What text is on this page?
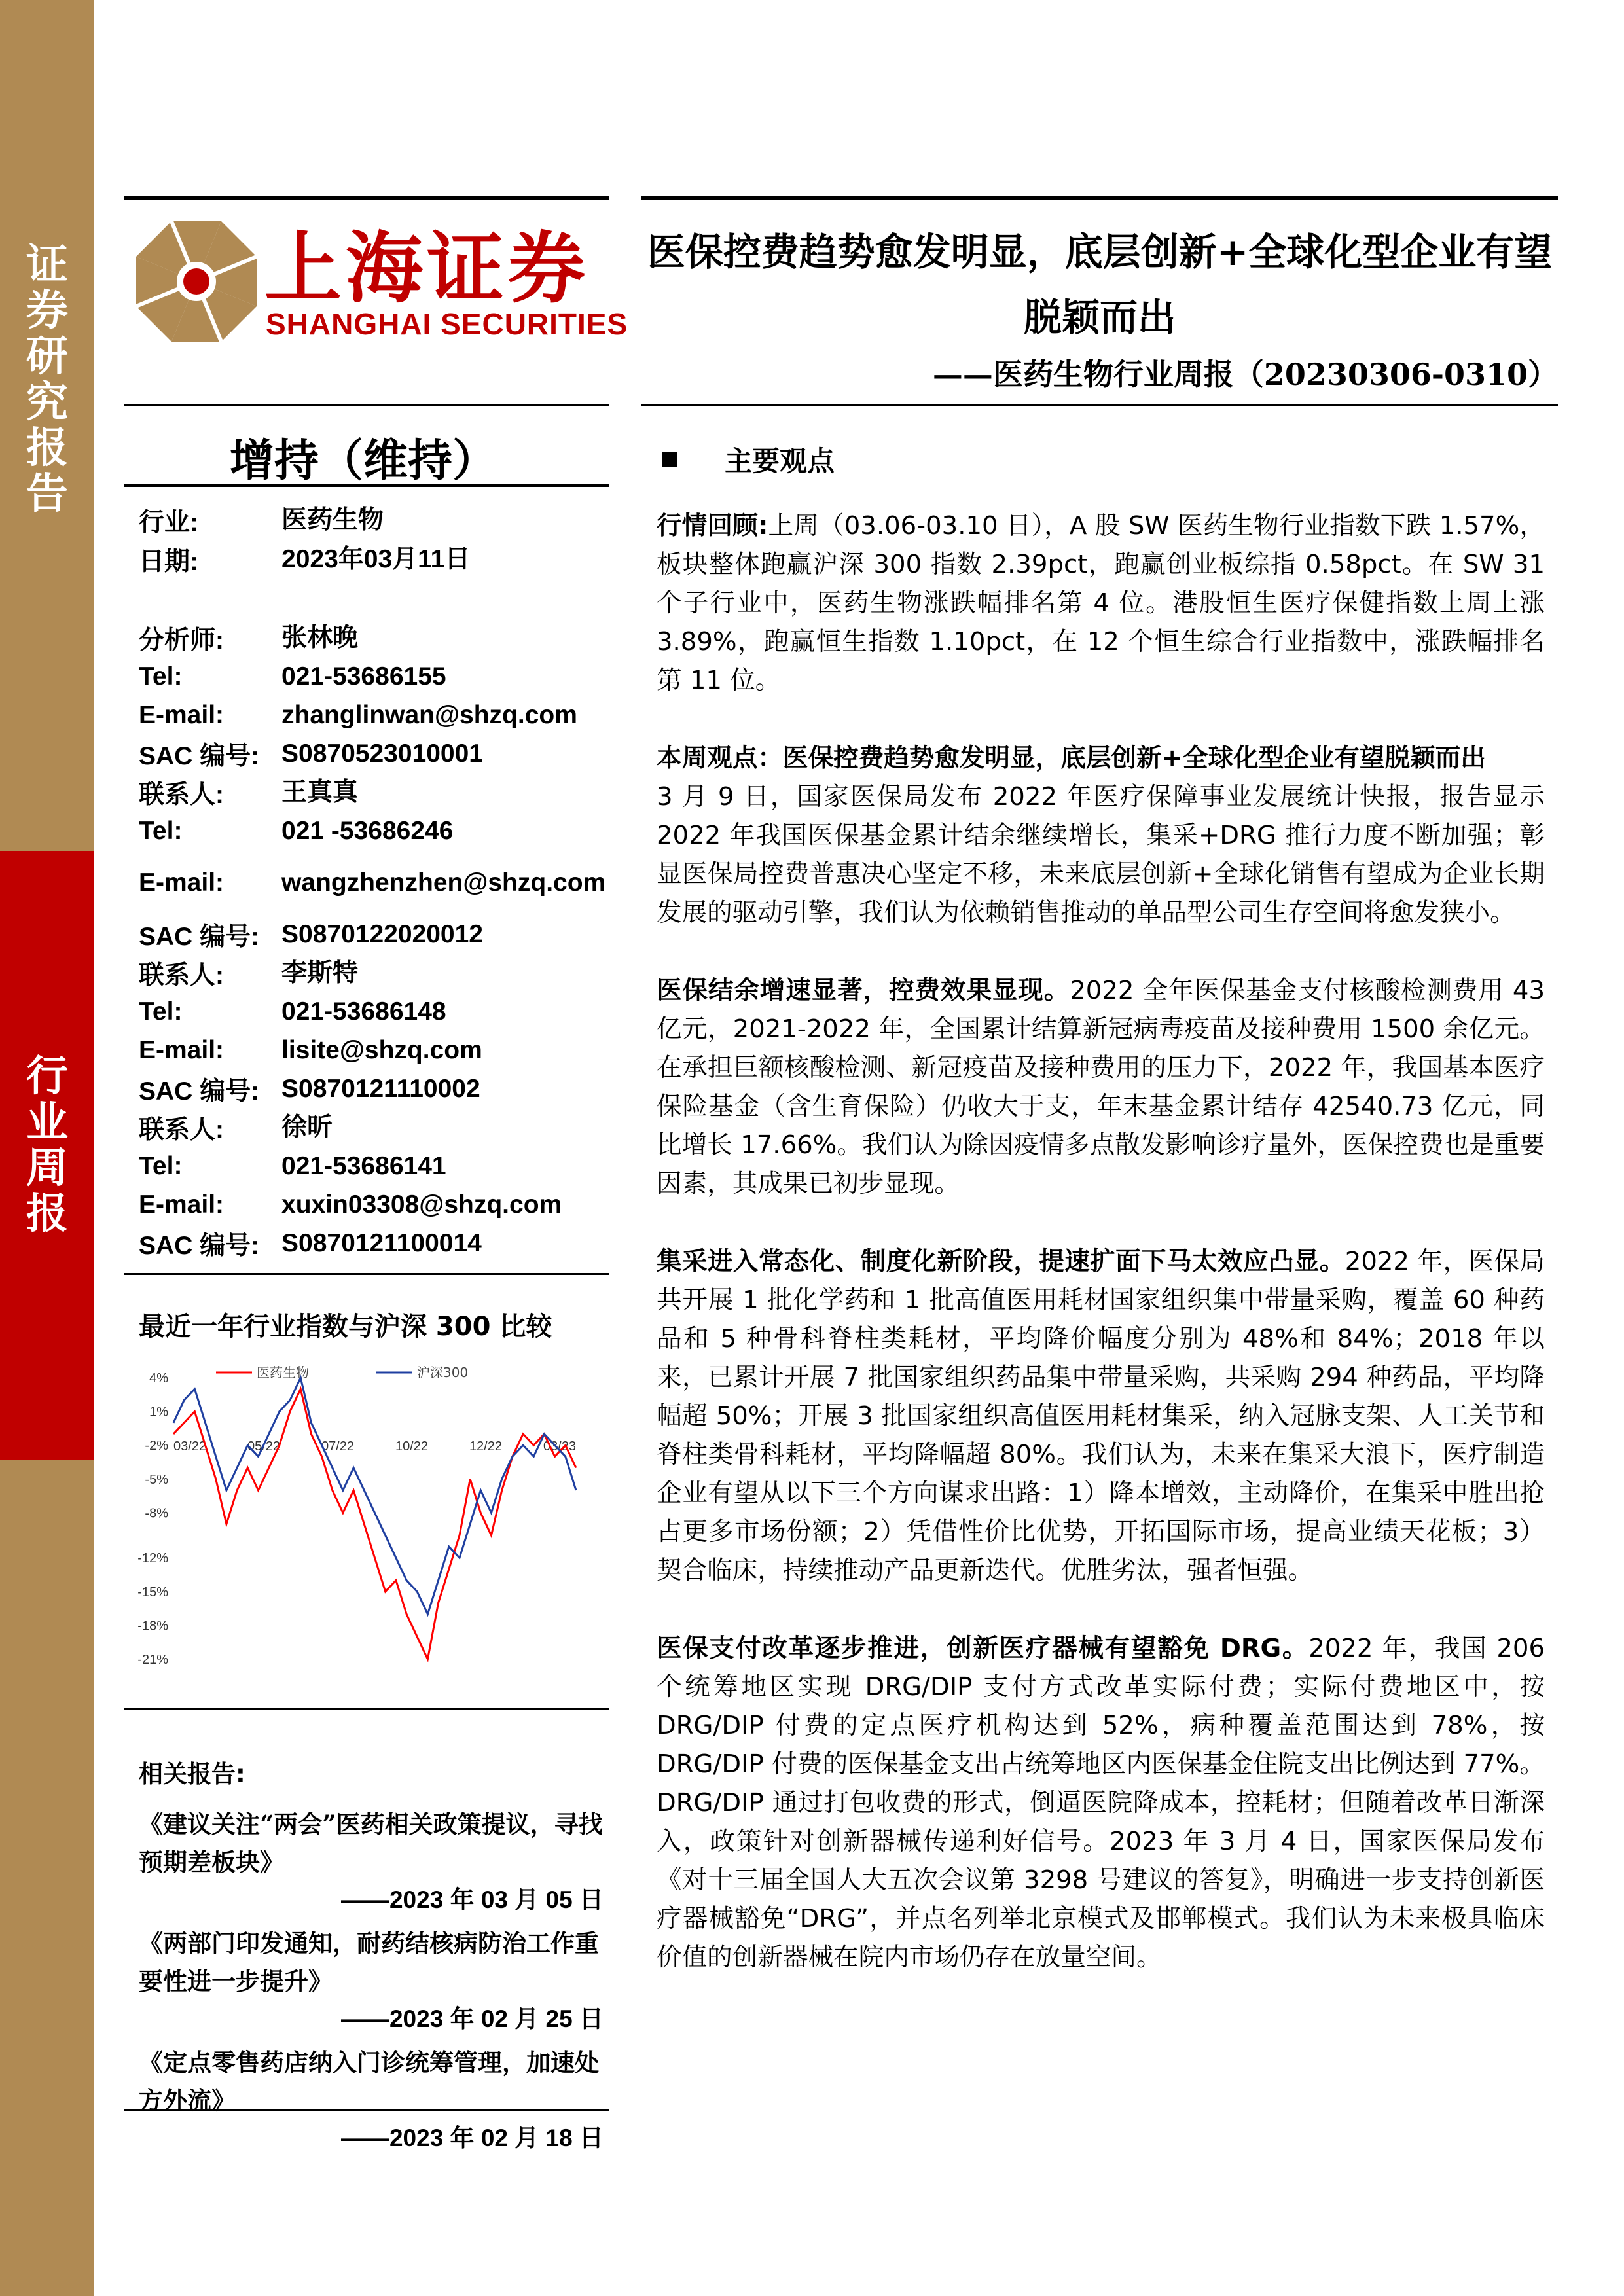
证券研究报告
行业周报
上海证券
SHANGHAI SECURITIES
医保控费趋势愈发明显，底层创新+全球化型企业有望脱颖而出
——医药生物行业周报（20230306-0310）
增持（维持）
行业:	医药生物
日期:	2023年03月11日
分析师:	张林晚
Tel:	021-53686155
E-mail:	zhanglinwan@shzq.com
SAC 编号: S0870523010001
联系人:	王真真
Tel:	021 -53686246
E-mail:	wangzhenzhen@shzq.com
SAC 编号: S0870122020012
联系人:	李斯特
Tel:	021-53686148
E-mail:	lisite@shzq.com
SAC 编号: S0870121110002
联系人:	徐昕
Tel:	021-53686141
E-mail:	xuxin03308@shzq.com
SAC 编号: S0870121100014
最近一年行业指数与沪深 300 比较
4%
1%
-2%
-5%
-8%
-12%
-15%
-18%
-21%
03/22	05/22	07/22	10/22	12/22	03/23
医药生物	沪深300
相关报告:
《建议关注“两会”医药相关政策提议，寻找预期差板块》
——2023 年 03 月 05 日
《两部门印发通知，耐药结核病防治工作重要性进一步提升》
——2023 年 02 月 25 日
《定点零售药店纳入门诊统筹管理，加速处方外流》
——2023 年 02 月 18 日
主要观点

行情回顾:上周（03.06-03.10 日），A 股 SW 医药生物行业指数下跌 1.57%，板块整体跑赢沪深 300 指数 2.39pct，跑赢创业板综指 0.58pct。在 SW 31 个子行业中，医药生物涨跌幅排名第 4 位。港股恒生医疗保健指数上周上涨 3.89%，跑赢恒生指数 1.10pct，在 12 个恒生综合行业指数中，涨跌幅排名第 11 位。

本周观点：医保控费趋势愈发明显，底层创新+全球化型企业有望脱颖而出

3 月 9 日，国家医保局发布 2022 年医疗保障事业发展统计快报，报告显示 2022 年我国医保基金累计结余继续增长，集采+DRG 推行力度不断加强；彰显医保局控费普惠决心坚定不移，未来底层创新+全球化销售有望成为企业长期发展的驱动引擎，我们认为依赖销售推动的单品型公司生存空间将愈发狭小。

医保结余增速显著，控费效果显现。2022 全年医保基金支付核酸检测费用 43 亿元，2021-2022 年，全国累计结算新冠病毒疫苗及接种费用 1500 余亿元。在承担巨额核酸检测、新冠疫苗及接种费用的压力下，2022 年，我国基本医疗保险基金（含生育保险）仍收大于支，年末基金累计结存 42540.73 亿元，同比增长 17.66%。我们认为除因疫情多点散发影响诊疗量外，医保控费也是重要因素，其成果已初步显现。

集采进入常态化、制度化新阶段，提速扩面下马太效应凸显。2022 年，医保局共开展 1 批化学药和 1 批高值医用耗材国家组织集中带量采购，覆盖 60 种药品和 5 种骨科脊柱类耗材，平均降价幅度分别为 48%和 84%；2018 年以来，已累计开展 7 批国家组织药品集中带量采购，共采购 294 种药品，平均降幅超 50%；开展 3 批国家组织高值医用耗材集采，纳入冠脉支架、人工关节和脊柱类骨科耗材，平均降幅超 80%。我们认为，未来在集采大浪下，医疗制造企业有望从以下三个方向谋求出路：1）降本增效，主动降价，在集采中胜出抢占更多市场份额；2）凭借性价比优势，开拓国际市场，提高业绩天花板；3）契合临床，持续推动产品更新迭代。优胜劣汰，强者恒强。

医保支付改革逐步推进，创新医疗器械有望豁免 DRG。2022 年，我国 206 个统筹地区实现 DRG/DIP 支付方式改革实际付费；实际付费地区中，按 DRG/DIP 付费的定点医疗机构达到 52%，病种覆盖范围达到 78%，按 DRG/DIP 付费的医保基金支出占统筹地区内医保基金住院支出比例达到 77%。DRG/DIP 通过打包收费的形式，倒逼医院降成本，控耗材；但随着改革日渐深入，政策针对创新器械传递利好信号。2023 年 3 月 4 日，国家医保局发布《对十三届全国人大五次会议第 3298 号建议的答复》，明确进一步支持创新医疗器械豁免“DRG”，并点名列举北京模式及邯郸模式。我们认为未来极具临床价值的创新器械在院内市场仍存在放量空间。
